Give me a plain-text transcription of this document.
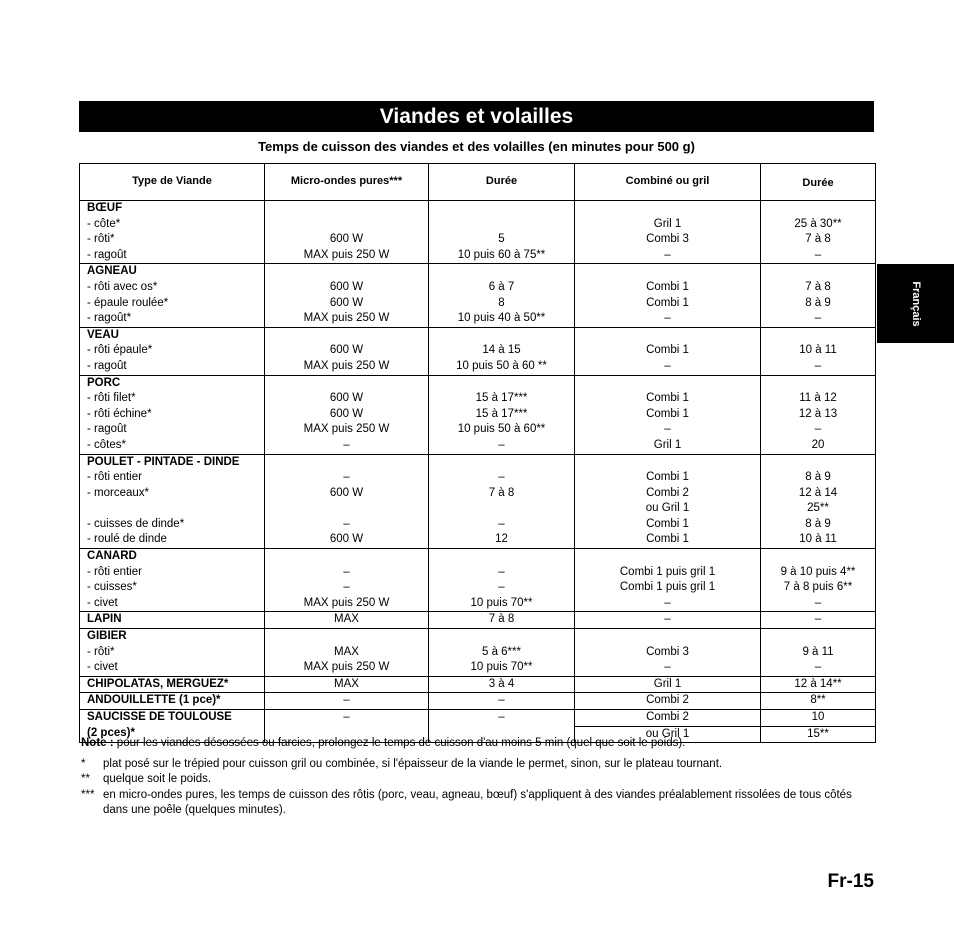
Viandes et volailles
Temps de cuisson des viandes et des volailles (en minutes pour 500 g)
Français
Type de Viande	Micro-ondes pures***	Durée	Combiné ou gril	Durée
BŒUF				
- côte*			Gril 1	25 à 30**
- rôti*	600 W	5	Combi 3	7 à 8
- ragoût	MAX puis 250 W	10 puis 60 à 75**	–	–
AGNEAU				
- rôti avec os*	600 W	6 à 7	Combi 1	7 à 8
- épaule roulée*	600 W	8	Combi 1	8 à 9
- ragoût*	MAX puis 250 W	10 puis 40 à 50**	–	–
VEAU				
- rôti épaule*	600 W	14 à 15	Combi 1	10 à 11
- ragoût	MAX puis 250 W	10 puis 50 à 60 **	–	–
PORC				
- rôti filet*	600 W	15 à 17***	Combi 1	11 à 12
- rôti échine*	600 W	15 à 17***	Combi 1	12 à 13
- ragoût	MAX puis 250 W	10 puis 50 à 60**	–	–
- côtes*	–	–	Gril 1	20
POULET - PINTADE - DINDE				
- rôti entier	–	–	Combi 1	8 à 9
- morceaux*	600 W	7 à 8	Combi 2	12 à 14
			ou Gril 1	25**
- cuisses de dinde*	–	–	Combi 1	8 à 9
- roulé de dinde	600 W	12	Combi 1	10 à 11
CANARD				
- rôti entier	–	–	Combi 1 puis gril 1	9 à 10 puis 4**
- cuisses*	–	–	Combi 1 puis gril 1	7 à 8 puis 6**
- civet	MAX puis 250 W	10 puis 70**	–	–
LAPIN	MAX	7 à 8	–	–
GIBIER				
- rôti*	MAX	5 à 6***	Combi 3	9 à 11
- civet	MAX puis 250 W	10 puis 70**	–	–
CHIPOLATAS, MERGUEZ*	MAX	3 à 4	Gril 1	12 à 14**
ANDOUILLETTE (1 pce)*	–	–	Combi 2	8**
SAUCISSE DE TOULOUSE	–	–	Combi 2	10
(2 pces)*			ou Gril 1	15**
Note : pour les viandes désossées ou farcies, prolongez le temps de cuisson d'au moins 5 min (quel que soit le poids).
*	plat posé sur le trépied pour cuisson gril ou combinée, si l'épaisseur de la viande le permet, sinon, sur le plateau tournant.
**	quelque soit le poids.
*** en micro-ondes pures, les temps de cuisson des rôtis (porc, veau, agneau, bœuf) s'appliquent à des viandes préalablement rissolées de tous côtés dans une poêle (quelques minutes).
Fr-15
